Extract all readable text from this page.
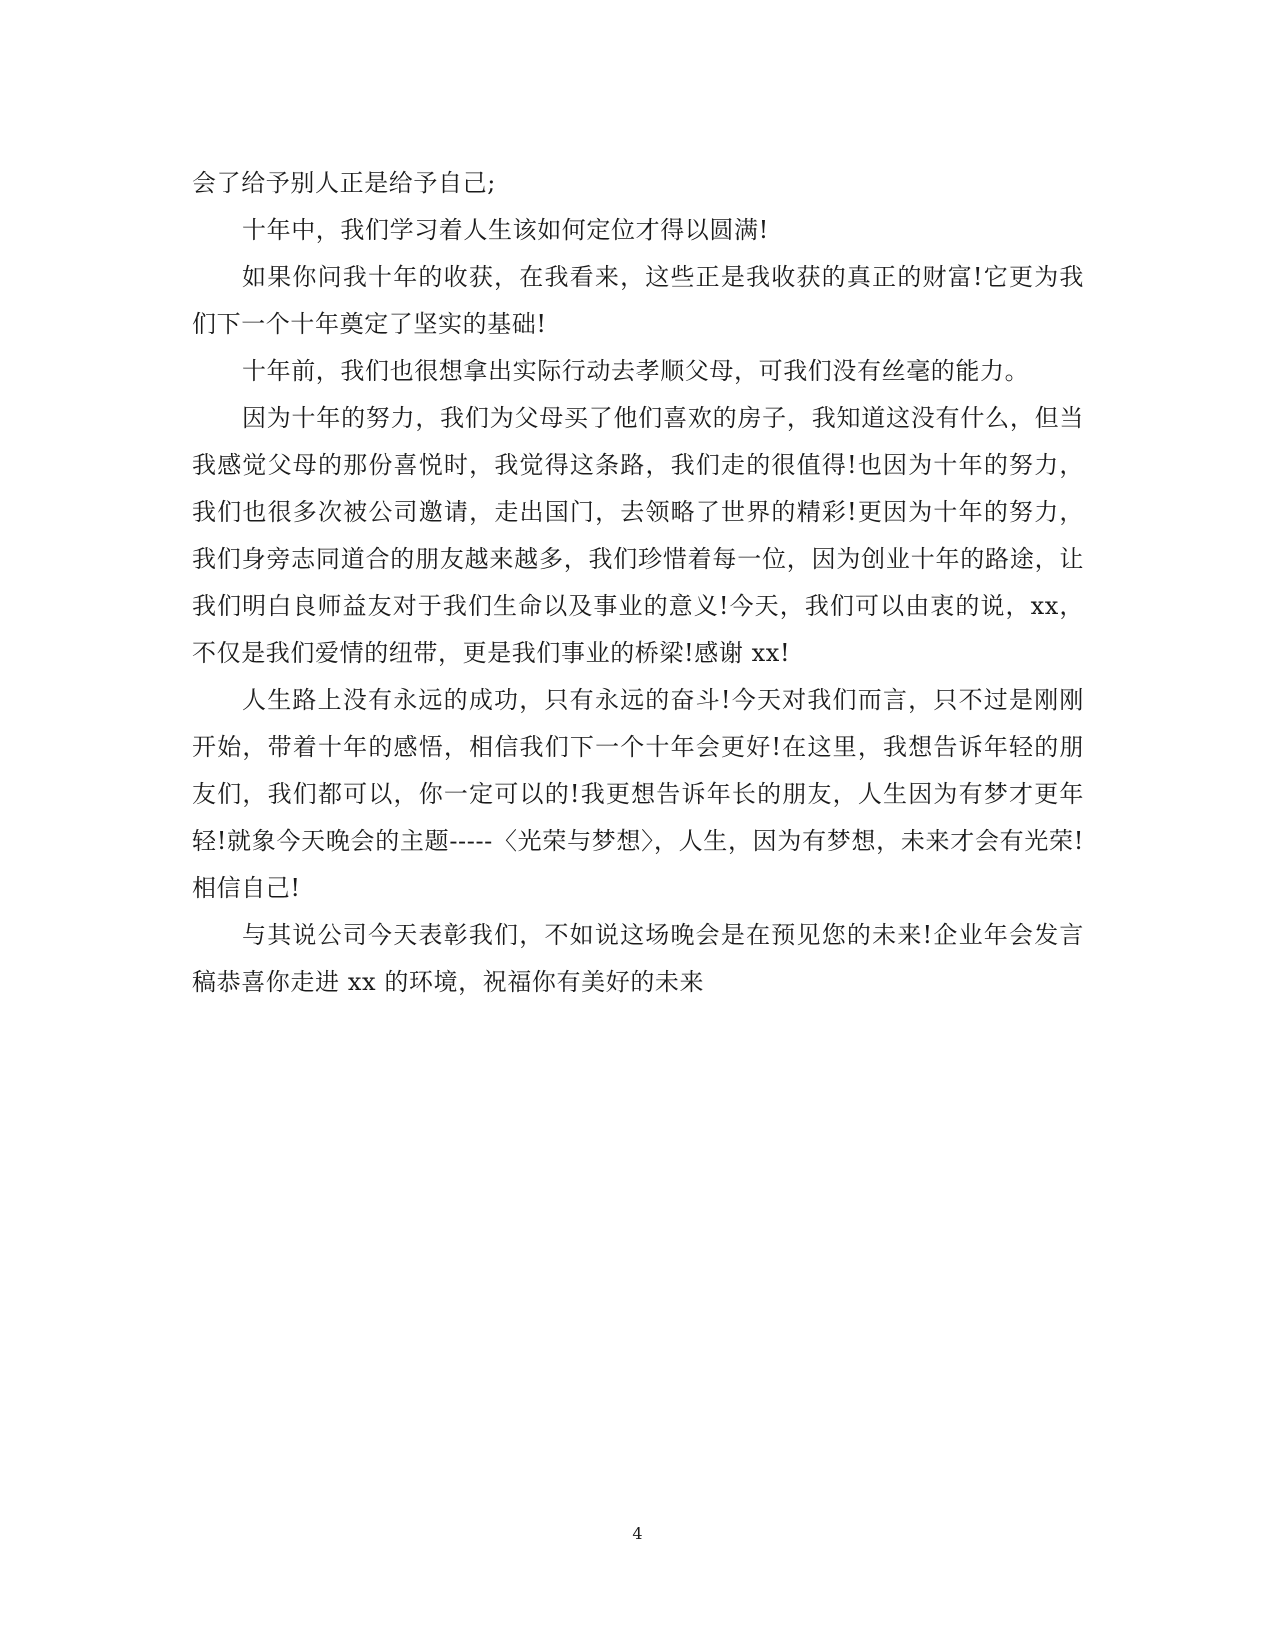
会了给予别人正是给予自己;

十年中，我们学习着人生该如何定位才得以圆满!

如果你问我十年的收获，在我看来，这些正是我收获的真正的财富!它更为我们下一个十年奠定了坚实的基础!

十年前，我们也很想拿出实际行动去孝顺父母，可我们没有丝毫的能力。

因为十年的努力，我们为父母买了他们喜欢的房子，我知道这没有什么，但当我感觉父母的那份喜悦时，我觉得这条路，我们走的很值得!也因为十年的努力，我们也很多次被公司邀请，走出国门，去领略了世界的精彩!更因为十年的努力，我们身旁志同道合的朋友越来越多，我们珍惜着每一位，因为创业十年的路途，让我们明白良师益友对于我们生命以及事业的意义!今天，我们可以由衷的说，xx，不仅是我们爱情的纽带，更是我们事业的桥梁!感谢 xx!

人生路上没有永远的成功，只有永远的奋斗!今天对我们而言，只不过是刚刚开始，带着十年的感悟，相信我们下一个十年会更好!在这里，我想告诉年轻的朋友们，我们都可以，你一定可以的!我更想告诉年长的朋友，人生因为有梦才更年轻!就象今天晚会的主题-----〈光荣与梦想〉，人生，因为有梦想，未来才会有光荣!相信自己!

与其说公司今天表彰我们，不如说这场晚会是在预见您的未来!企业年会发言稿恭喜你走进 xx 的环境，祝福你有美好的未来

4
